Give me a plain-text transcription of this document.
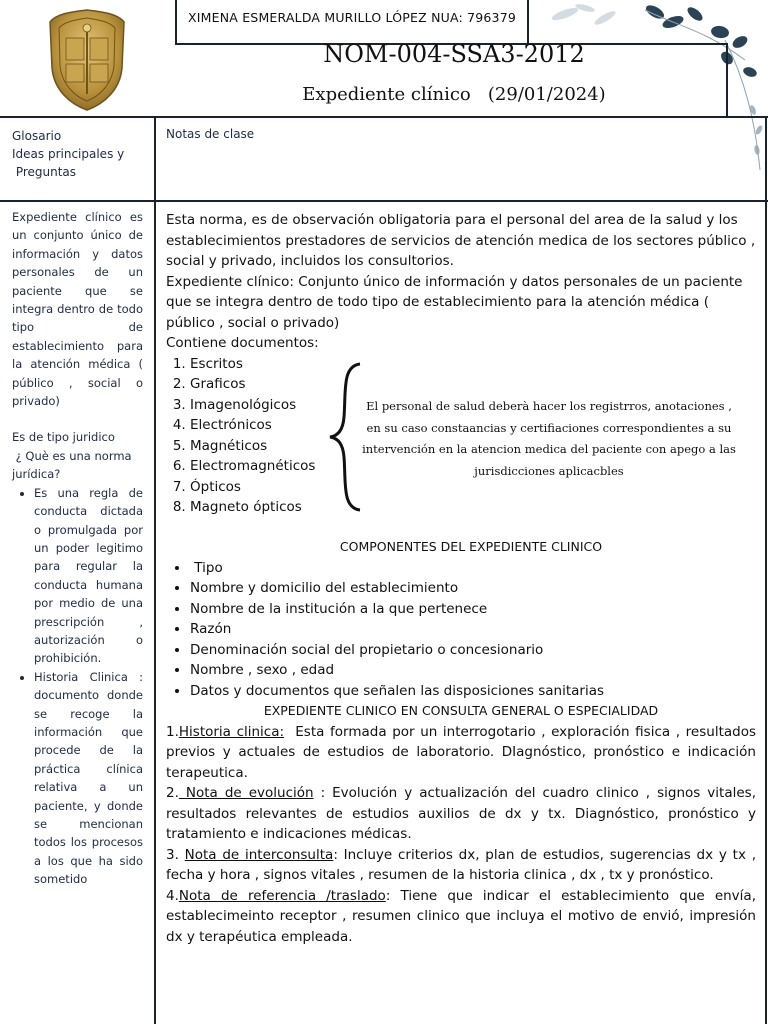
XIMENA ESMERALDA MURILLO LÓPEZ NUA: 796379
NOM-004-SSA3-2012
Expediente clínico   (29/01/2024)
Glosario
Ideas principales y
Preguntas
Notas de clase
Expediente clínico es un conjunto único de información y datos personales de un paciente que se integra dentro de todo tipo de establecimiento para la atención médica ( público , social o privado)
Es de tipo juridico
¿ Què es una norma jurídica?
• Es una regla de conducta dictada o promulgada por un poder legitimo para regular la conducta humana por medio de una prescripción , autorización o prohibición.
• Historia Clinica : documento donde se recoge la información que procede de la práctica clínica relativa a un paciente, y donde se mencionan todos los procesos a los que ha sido sometido
Esta norma, es de observación obligatoria para el personal del area de la salud y los establecimientos prestadores de servicios de atención medica de los sectores público , social y privado, incluidos los consultorios.
Expediente clínico: Conjunto único de información y datos personales de un paciente que se integra dentro de todo tipo de establecimiento para la atención médica ( público , social o privado)
Contiene documentos:
1. Escritos
2. Graficos
3. Imagenológicos
4. Electrónicos
5. Magnéticos
6. Electromagnéticos
7. Ópticos
8. Magneto ópticos
El personal de salud deberà hacer los registrros, anotaciones , en su caso constaancias y certifiaciones correspondientes a su intervención en la atencion medica del paciente con apego a las jurisdicciones aplicacbles
COMPONENTES DEL EXPEDIENTE CLINICO
•  Tipo
• Nombre y domicilio del establecimiento
• Nombre de la institución a la que pertenece
• Razón
• Denominación social del propietario o concesionario
• Nombre , sexo , edad
• Datos y documentos que señalen las disposiciones sanitarias
EXPEDIENTE CLINICO EN CONSULTA GENERAL O ESPECIALIDAD
1.Historia clinica:  Esta formada por un interrogotario , exploración fisica , resultados previos y actuales de estudios de laboratorio. DIagnóstico, pronóstico e indicación terapeutica.
2. Nota de evolución : Evolución y actualización del cuadro clinico , signos vitales, resultados relevantes de estudios auxilios de dx y tx. Diagnóstico, pronóstico y tratamiento e indicaciones médicas.
3. Nota de interconsulta: Incluye criterios dx, plan de estudios, sugerencias dx y tx , fecha y hora , signos vitales , resumen de la historia clinica , dx , tx y pronóstico.
4.Nota de referencia /traslado: Tiene que indicar el establecimiento que envía, establecimeinto receptor , resumen clinico que incluya el motivo de envió, impresión dx y terapéutica empleada.
